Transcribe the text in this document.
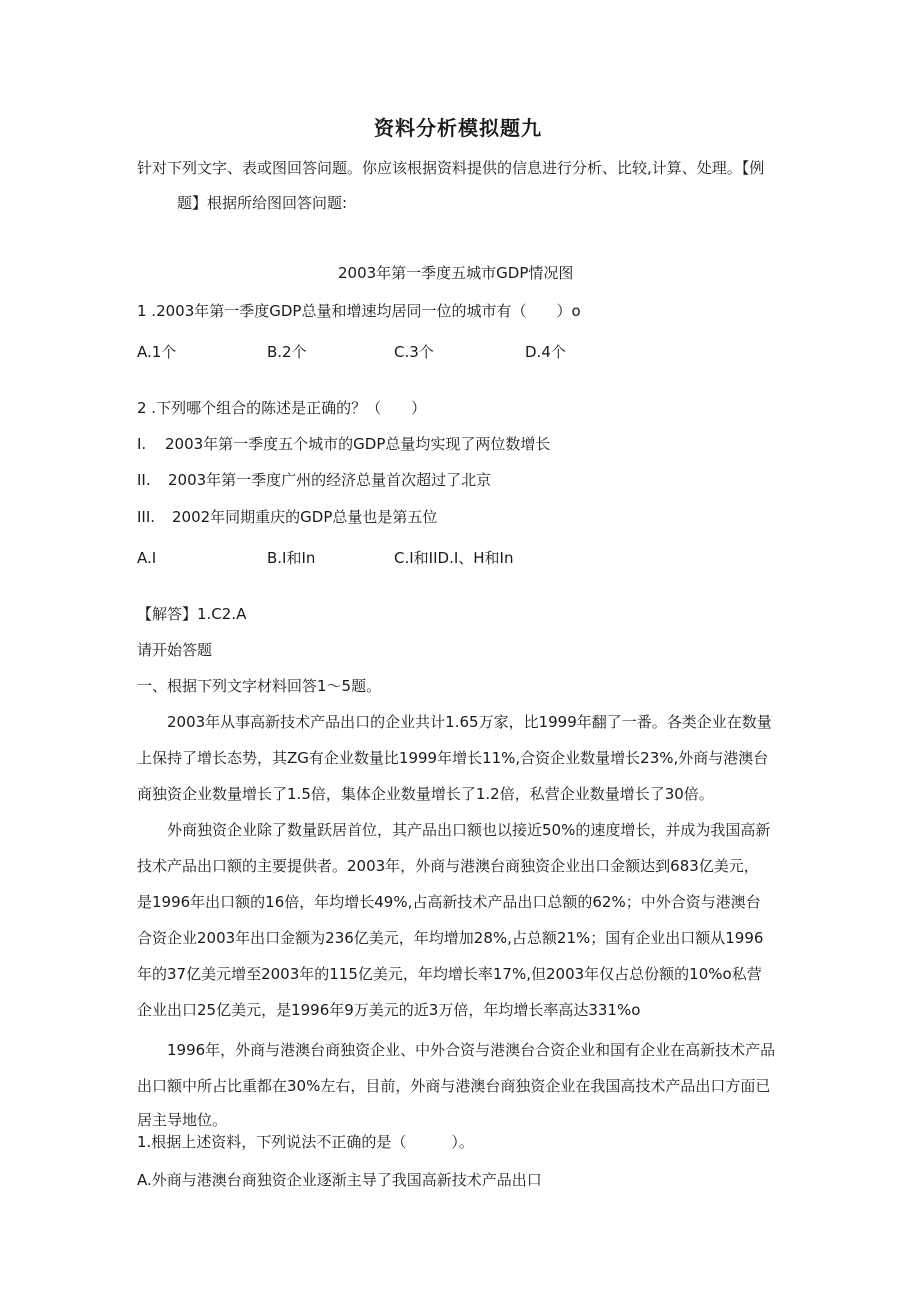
资料分析模拟题九
针对下列文字、表或图回答问题。你应该根据资料提供的信息进行分析、比较,计算、处理。【例
题】根据所给图回答问题:
2003年第一季度五城市GDP情况图
1 .2003年第一季度GDP总量和增速均居同一位的城市有（　　）o
A.1个	B.2个	C.3个	D.4个
2 .下列哪个组合的陈述是正确的？（　　）
I. 2003年第一季度五个城市的GDP总量均实现了两位数增长
II. 2003年第一季度广州的经济总量首次超过了北京
III. 2002年同期重庆的GDP总量也是第五位
A.I	B.I和In	C.I和IID.I、H和In
【解答】1.C2.A
请开始答题
一、根据下列文字材料回答1～5题。
　　2003年从事高新技术产品出口的企业共计1.65万家，比1999年翻了一番。各类企业在数量
上保持了增长态势，其ZG有企业数量比1999年增长11%,合资企业数量增长23%,外商与港澳台
商独资企业数量增长了1.5倍，集体企业数量增长了1.2倍，私营企业数量增长了30倍。
　　外商独资企业除了数量跃居首位，其产品出口额也以接近50%的速度增长，并成为我国高新
技术产品出口额的主要提供者。2003年，外商与港澳台商独资企业出口金额达到683亿美元，
是1996年出口额的16倍，年均增长49%,占高新技术产品出口总额的62%；中外合资与港澳台
合资企业2003年出口金额为236亿美元，年均增加28%,占总额21%；国有企业出口额从1996
年的37亿美元增至2003年的115亿美元，年均增长率17%,但2003年仅占总份额的10%o私营
企业出口25亿美元，是1996年9万美元的近3万倍，年均增长率高达331%o
　　1996年，外商与港澳台商独资企业、中外合资与港澳台合资企业和国有企业在高新技术产品
出口额中所占比重都在30%左右，目前，外商与港澳台商独资企业在我国高技术产品出口方面已
居主导地位。
1.根据上述资料，下列说法不正确的是（　　　）。
A.外商与港澳台商独资企业逐渐主导了我国高新技术产品出口
